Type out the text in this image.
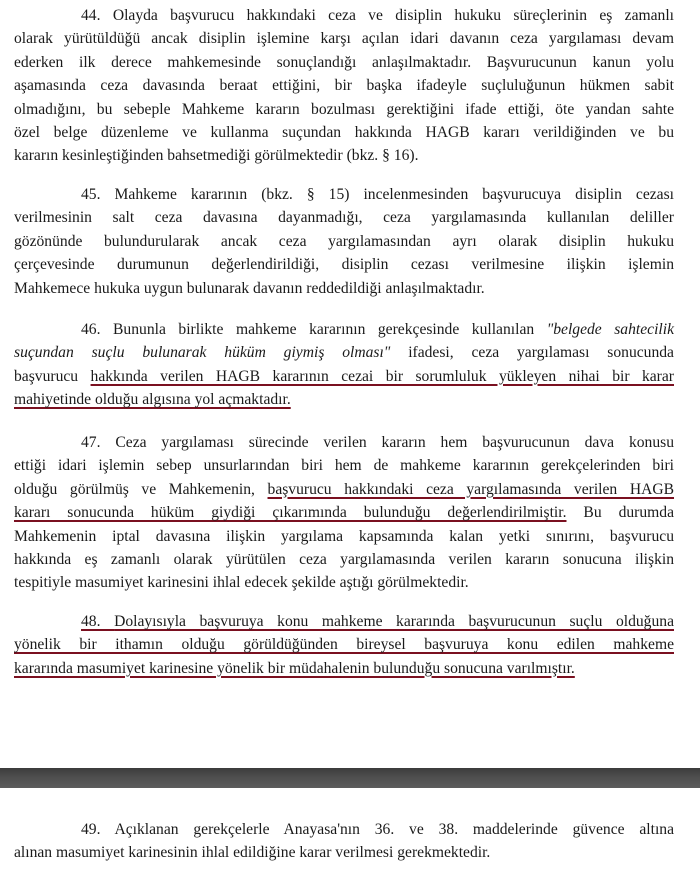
44. Olayda başvurucu hakkındaki ceza ve disiplin hukuku süreçlerinin eş zamanlı
olarak yürütüldüğü ancak disiplin işlemine karşı açılan idari davanın ceza yargılaması devam
ederken ilk derece mahkemesinde sonuçlandığı anlaşılmaktadır. Başvurucunun kanun yolu
aşamasında ceza davasında beraat ettiğini, bir başka ifadeyle suçluluğunun hükmen sabit
olmadığını, bu sebeple Mahkeme kararın bozulması gerektiğini ifade ettiği, öte yandan sahte
özel belge düzenleme ve kullanma suçundan hakkında HAGB kararı verildiğinden ve bu
kararın kesinleştiğinden bahsetmediği görülmektedir (bkz. § 16).
45. Mahkeme kararının (bkz. § 15) incelenmesinden başvurucuya disiplin cezası
verilmesinin salt ceza davasına dayanmadığı, ceza yargılamasında kullanılan deliller
gözönünde bulundurularak ancak ceza yargılamasından ayrı olarak disiplin hukuku
çerçevesinde durumunun değerlendirildiği, disiplin cezası verilmesine ilişkin işlemin
Mahkemece hukuka uygun bulunarak davanın reddedildiği anlaşılmaktadır.
46. Bununla birlikte mahkeme kararının gerekçesinde kullanılan "belgede sahtecilik
suçundan suçlu bulunarak hüküm giymiş olması" ifadesi, ceza yargılaması sonucunda
başvurucu hakkında verilen HAGB kararının cezai bir sorumluluk yükleyen nihai bir karar
mahiyetinde olduğu algısına yol açmaktadır.
47. Ceza yargılaması sürecinde verilen kararın hem başvurucunun dava konusu
ettiği idari işlemin sebep unsurlarından biri hem de mahkeme kararının gerekçelerinden biri
olduğu görülmüş ve Mahkemenin, başvurucu hakkındaki ceza yargılamasında verilen HAGB
kararı sonucunda hüküm giydiği çıkarımında bulunduğu değerlendirilmiştir. Bu durumda
Mahkemenin iptal davasına ilişkin yargılama kapsamında kalan yetki sınırını, başvurucu
hakkında eş zamanlı olarak yürütülen ceza yargılamasında verilen kararın sonucuna ilişkin
tespitiyle masumiyet karinesini ihlal edecek şekilde aştığı görülmektedir.
48. Dolayısıyla başvuruya konu mahkeme kararında başvurucunun suçlu olduğuna
yönelik bir ithamın olduğu görüldüğünden bireysel başvuruya konu edilen mahkeme
kararında masumiyet karinesine yönelik bir müdahalenin bulunduğu sonucuna varılmıştır.
49. Açıklanan gerekçelerle Anayasa'nın 36. ve 38. maddelerinde güvence altına
alınan masumiyet karinesinin ihlal edildiğine karar verilmesi gerekmektedir.
